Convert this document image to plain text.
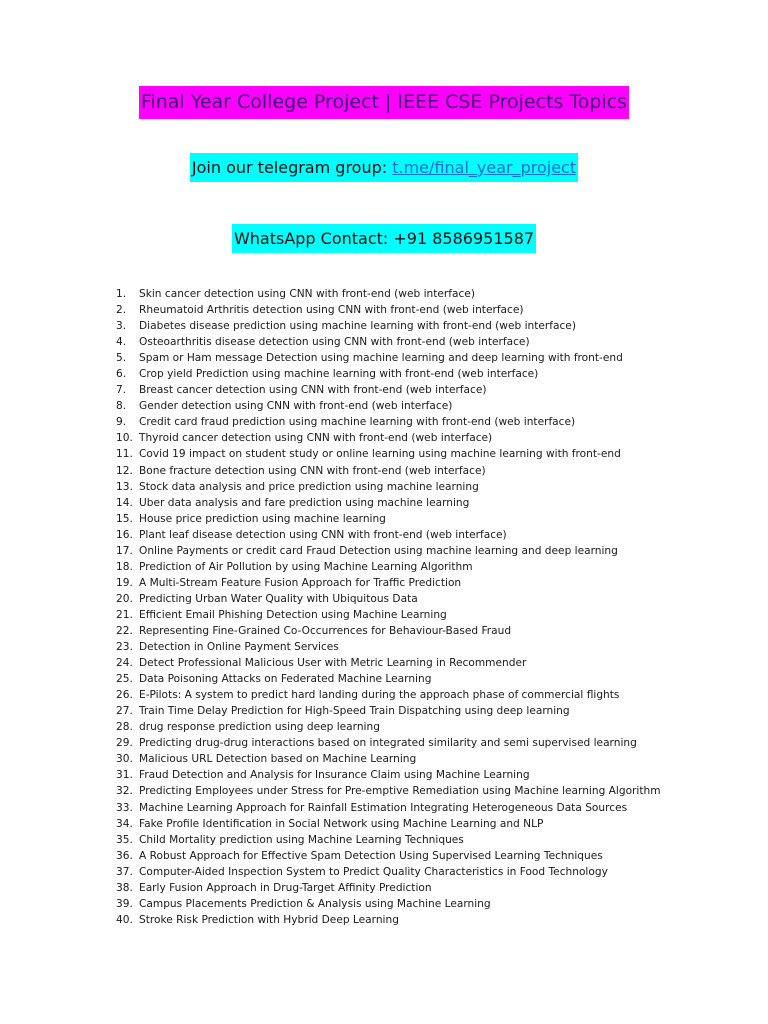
Final Year College Project | IEEE CSE Projects Topics
Join our telegram group: t.me/final_year_project
WhatsApp Contact: +91 8586951587
1.	Skin cancer detection using CNN with front-end (web interface)
2.	Rheumatoid Arthritis detection using CNN with front-end (web interface)
3.	Diabetes disease prediction using machine learning with front-end (web interface)
4.	Osteoarthritis disease detection using CNN with front-end (web interface)
5.	Spam or Ham message Detection using machine learning and deep learning with front-end
6.	Crop yield Prediction using machine learning with front-end (web interface)
7.	Breast cancer detection using CNN with front-end (web interface)
8.	Gender detection using CNN with front-end (web interface)
9.	Credit card fraud prediction using machine learning with front-end (web interface)
10. Thyroid cancer detection using CNN with front-end (web interface)
11. Covid 19 impact on student study or online learning using machine learning with front-end
12. Bone fracture detection using CNN with front-end (web interface)
13. Stock data analysis and price prediction using machine learning
14. Uber data analysis and fare prediction using machine learning
15. House price prediction using machine learning
16. Plant leaf disease detection using CNN with front-end (web interface)
17. Online Payments or credit card Fraud Detection using machine learning and deep learning
18. Prediction of Air Pollution by using Machine Learning Algorithm
19. A Multi-Stream Feature Fusion Approach for Traffic Prediction
20. Predicting Urban Water Quality with Ubiquitous Data
21. Efficient Email Phishing Detection using Machine Learning
22. Representing Fine-Grained Co-Occurrences for Behaviour-Based Fraud
23. Detection in Online Payment Services
24. Detect Professional Malicious User with Metric Learning in Recommender
25. Data Poisoning Attacks on Federated Machine Learning
26. E-Pilots: A system to predict hard landing during the approach phase of commercial flights
27. Train Time Delay Prediction for High-Speed Train Dispatching using deep learning
28. drug response prediction using deep learning
29. Predicting drug-drug interactions based on integrated similarity and semi supervised learning
30. Malicious URL Detection based on Machine Learning
31. Fraud Detection and Analysis for Insurance Claim using Machine Learning
32. Predicting Employees under Stress for Pre-emptive Remediation using Machine learning Algorithm
33. Machine Learning Approach for Rainfall Estimation Integrating Heterogeneous Data Sources
34. Fake Profile Identification in Social Network using Machine Learning and NLP
35. Child Mortality prediction using Machine Learning Techniques
36. A Robust Approach for Effective Spam Detection Using Supervised Learning Techniques
37. Computer-Aided Inspection System to Predict Quality Characteristics in Food Technology
38. Early Fusion Approach in Drug-Target Affinity Prediction
39. Campus Placements Prediction & Analysis using Machine Learning
40. Stroke Risk Prediction with Hybrid Deep Learning
